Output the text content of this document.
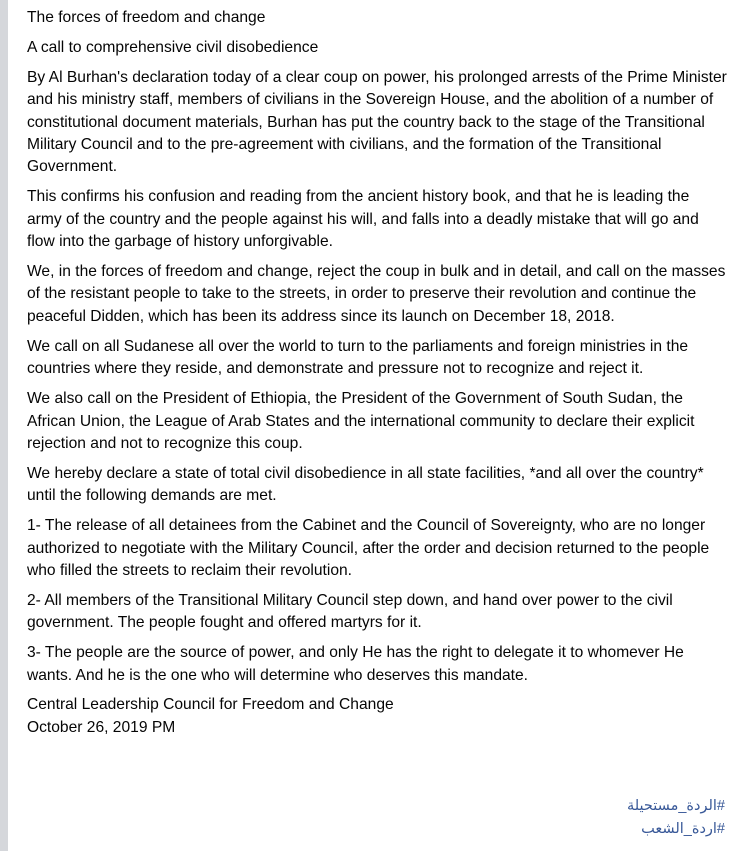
The forces of freedom and change

A call to comprehensive civil disobedience

By Al Burhan's declaration today of a clear coup on power, his prolonged arrests of the Prime Minister and his ministry staff, members of civilians in the Sovereign House, and the abolition of a number of constitutional document materials, Burhan has put the country back to the stage of the Transitional Military Council and to the pre-agreement with civilians, and the formation of the Transitional Government.

This confirms his confusion and reading from the ancient history book, and that he is leading the army of the country and the people against his will, and falls into a deadly mistake that will go and flow into the garbage of history unforgivable.

We, in the forces of freedom and change, reject the coup in bulk and in detail, and call on the masses of the resistant people to take to the streets, in order to preserve their revolution and continue the peaceful Didden, which has been its address since its launch on December 18, 2018.

We call on all Sudanese all over the world to turn to the parliaments and foreign ministries in the countries where they reside, and demonstrate and pressure not to recognize and reject it.

We also call on the President of Ethiopia, the President of the Government of South Sudan, the African Union, the League of Arab States and the international community to declare their explicit rejection and not to recognize this coup.

We hereby declare a state of total civil disobedience in all state facilities, *and all over the country* until the following demands are met.

1- The release of all detainees from the Cabinet and the Council of Sovereignty, who are no longer authorized to negotiate with the Military Council, after the order and decision returned to the people who filled the streets to reclaim their revolution.

2- All members of the Transitional Military Council step down, and hand over power to the civil government. The people fought and offered martyrs for it.

3- The people are the source of power, and only He has the right to delegate it to whomever He wants. And he is the one who will determine who deserves this mandate.

Central Leadership Council for Freedom and Change

October 26, 2019 PM

#الردة_مستحيلة
#اردة_الشعب
